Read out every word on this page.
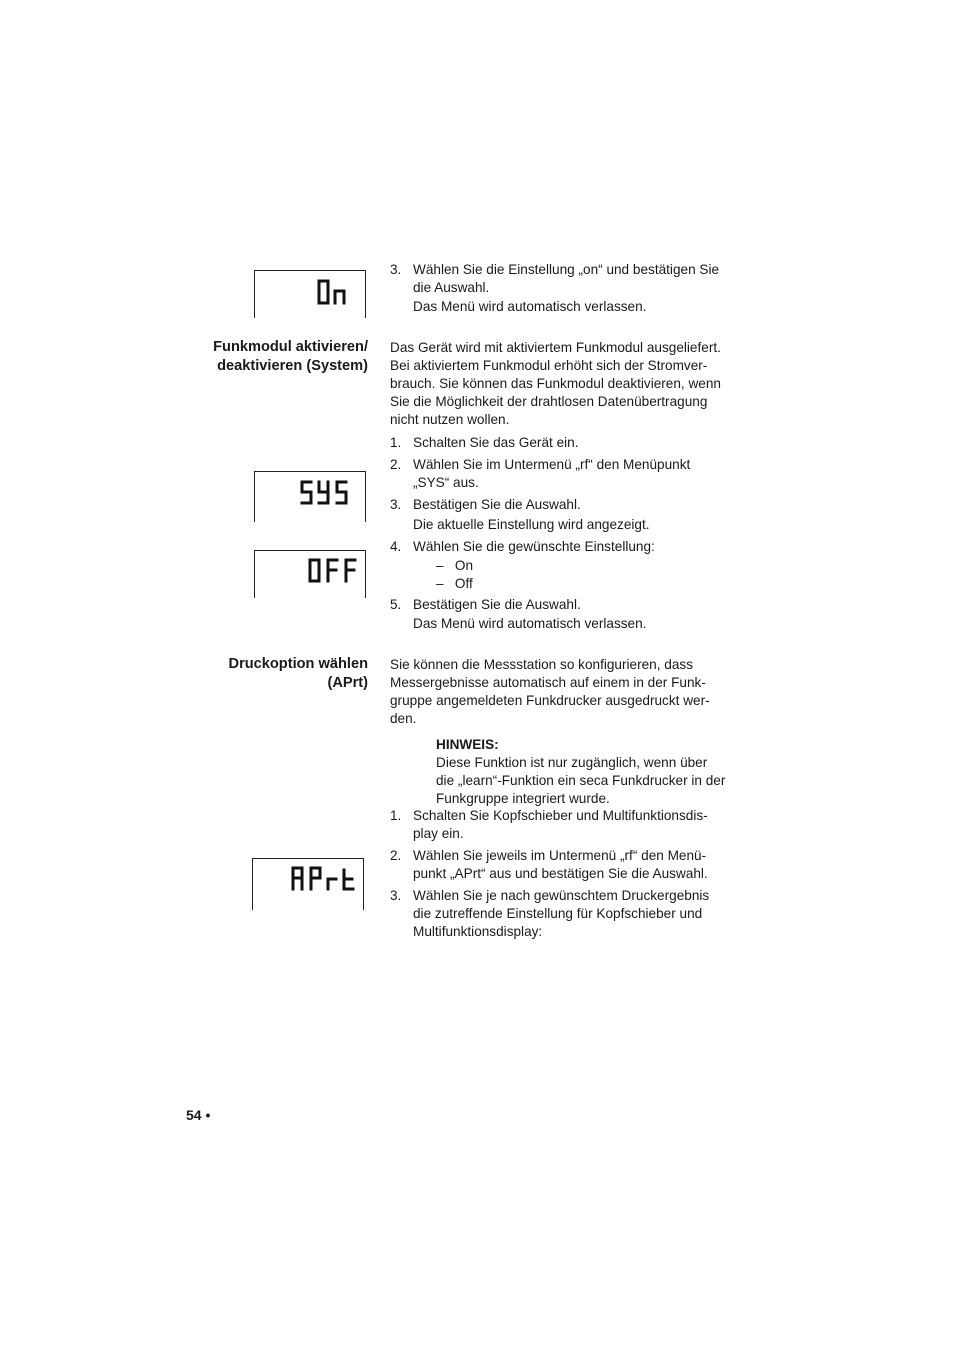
3. Wählen Sie die Einstellung „on“ und bestätigen Sie
die Auswahl.
Das Menü wird automatisch verlassen.
Funkmodul aktivieren/
deaktivieren (System)
Das Gerät wird mit aktiviertem Funkmodul ausgeliefert.
Bei aktiviertem Funkmodul erhöht sich der Stromver-
brauch. Sie können das Funkmodul deaktivieren, wenn
Sie die Möglichkeit der drahtlosen Datenübertragung
nicht nutzen wollen.
1. Schalten Sie das Gerät ein.
2. Wählen Sie im Untermenü „rf“ den Menüpunkt
„SYS“ aus.
3. Bestätigen Sie die Auswahl.
Die aktuelle Einstellung wird angezeigt.
4. Wählen Sie die gewünschte Einstellung:
– On
– Off
5. Bestätigen Sie die Auswahl.
Das Menü wird automatisch verlassen.
Druckoption wählen
(APrt)
Sie können die Messstation so konfigurieren, dass
Messergebnisse automatisch auf einem in der Funk-
gruppe angemeldeten Funkdrucker ausgedruckt wer-
den.
HINWEIS:
Diese Funktion ist nur zugänglich, wenn über
die „learn“-Funktion ein seca Funkdrucker in der
Funkgruppe integriert wurde.
1. Schalten Sie Kopfschieber und Multifunktionsdis-
play ein.
2. Wählen Sie jeweils im Untermenü „rf“ den Menü-
punkt „APrt“ aus und bestätigen Sie die Auswahl.
3. Wählen Sie je nach gewünschtem Druckergebnis
die zutreffende Einstellung für Kopfschieber und
Multifunktionsdisplay:
54 •
